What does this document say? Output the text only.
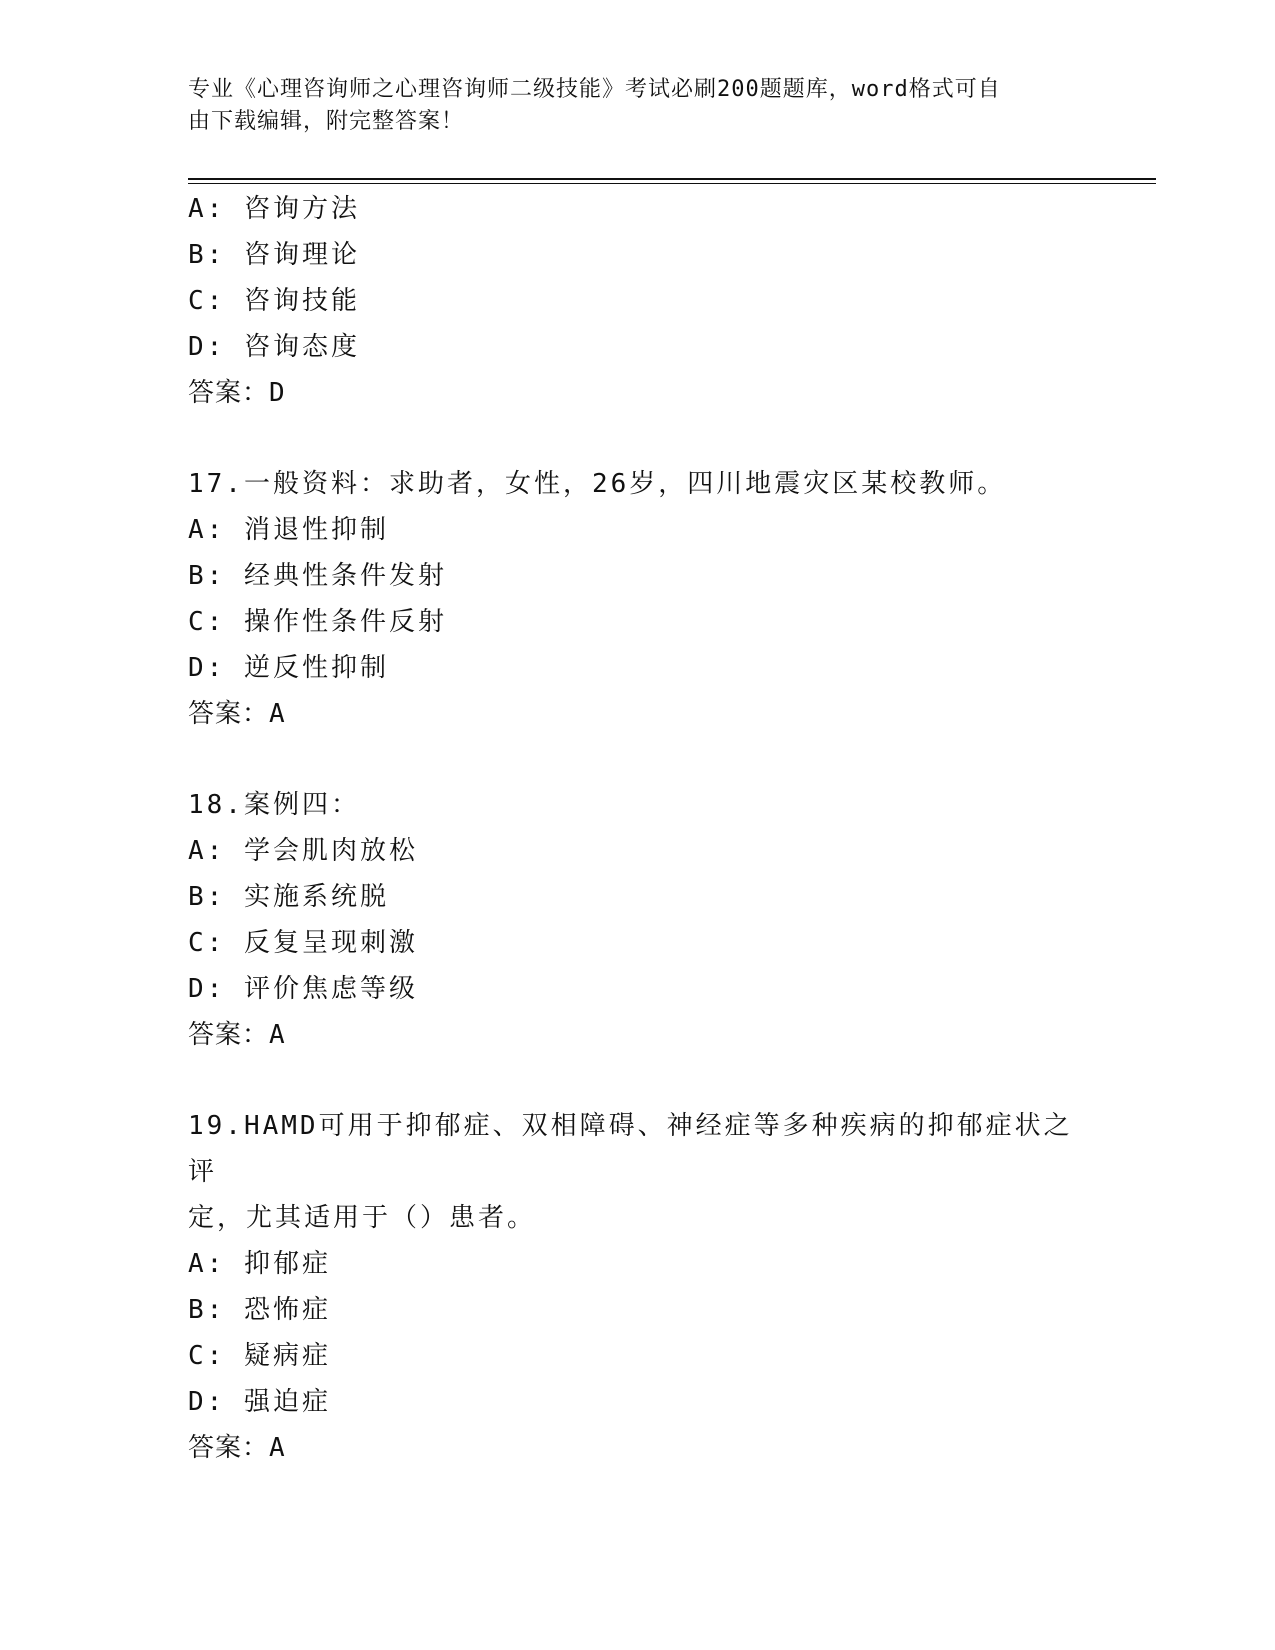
专业《心理咨询师之心理咨询师二级技能》考试必刷200题题库，word格式可自
由下载编辑，附完整答案！
A: 咨询方法
B: 咨询理论
C: 咨询技能
D: 咨询态度
答案：D
17.一般资料：求助者，女性，26岁，四川地震灾区某校教师。
A: 消退性抑制
B: 经典性条件发射
C: 操作性条件反射
D: 逆反性抑制
答案：A
18.案例四：
A: 学会肌肉放松
B: 实施系统脱
C: 反复呈现刺激
D: 评价焦虑等级
答案：A
19.HAMD可用于抑郁症、双相障碍、神经症等多种疾病的抑郁症状之评
定，尤其适用于（）患者。
A: 抑郁症
B: 恐怖症
C: 疑病症
D: 强迫症
答案：A
